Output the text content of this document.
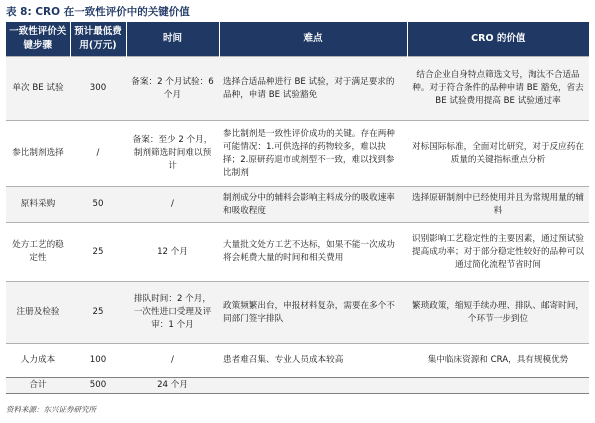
表 8: CRO 在一致性评价中的关键价值
一致性评价关键步骤	预计最低费用(万元)	时间	难点	CRO 的价值
单次 BE 试验	300	备案：2 个月试验：6 个月	选择合适品种进行 BE 试验，对于满足要求的品种，申请 BE 试验豁免	结合企业自身特点筛选文号，淘汰不合适品种。对于符合条件的品种申请 BE 豁免，省去 BE 试验费用提高 BE 试验通过率
参比制剂选择	/	备案：至少 2 个月，制剂筛选时间难以预计	参比制剂是一致性评价成功的关键。存在两种可能情况：1.可供选择的药物较多，难以抉择；2.原研药退市或剂型不一致，难以找到参比制剂	对标国际标准，全面对比研究，对于反应药在质量的关键指标重点分析
原料采购	50	/	制剂成分中的辅料会影响主料成分的吸收速率和吸收程度	选择原研制剂中已经使用并且为常规用量的辅料
处方工艺的稳定性	25	12 个月	大量批文处方工艺不达标，如果不能一次成功将会耗费大量的时间和相关费用	识别影响工艺稳定性的主要因素，通过预试验提高成功率；对于部分稳定性较好的品种可以通过简化流程节省时间
注册及检验	25	排队时间：2 个月，一次性进口受理及评审：1 个月	政策频繁出台，申报材料复杂，需要在多个不同部门签字排队	繁琐政策，缩短手续办理、排队、邮寄时间，个环节一步到位
人力成本	100	/	患者难召集、专业人员成本较高	集中临床资源和 CRA，具有规模优势
合计	500	24 个月		
资料来源：东兴证券研究所
